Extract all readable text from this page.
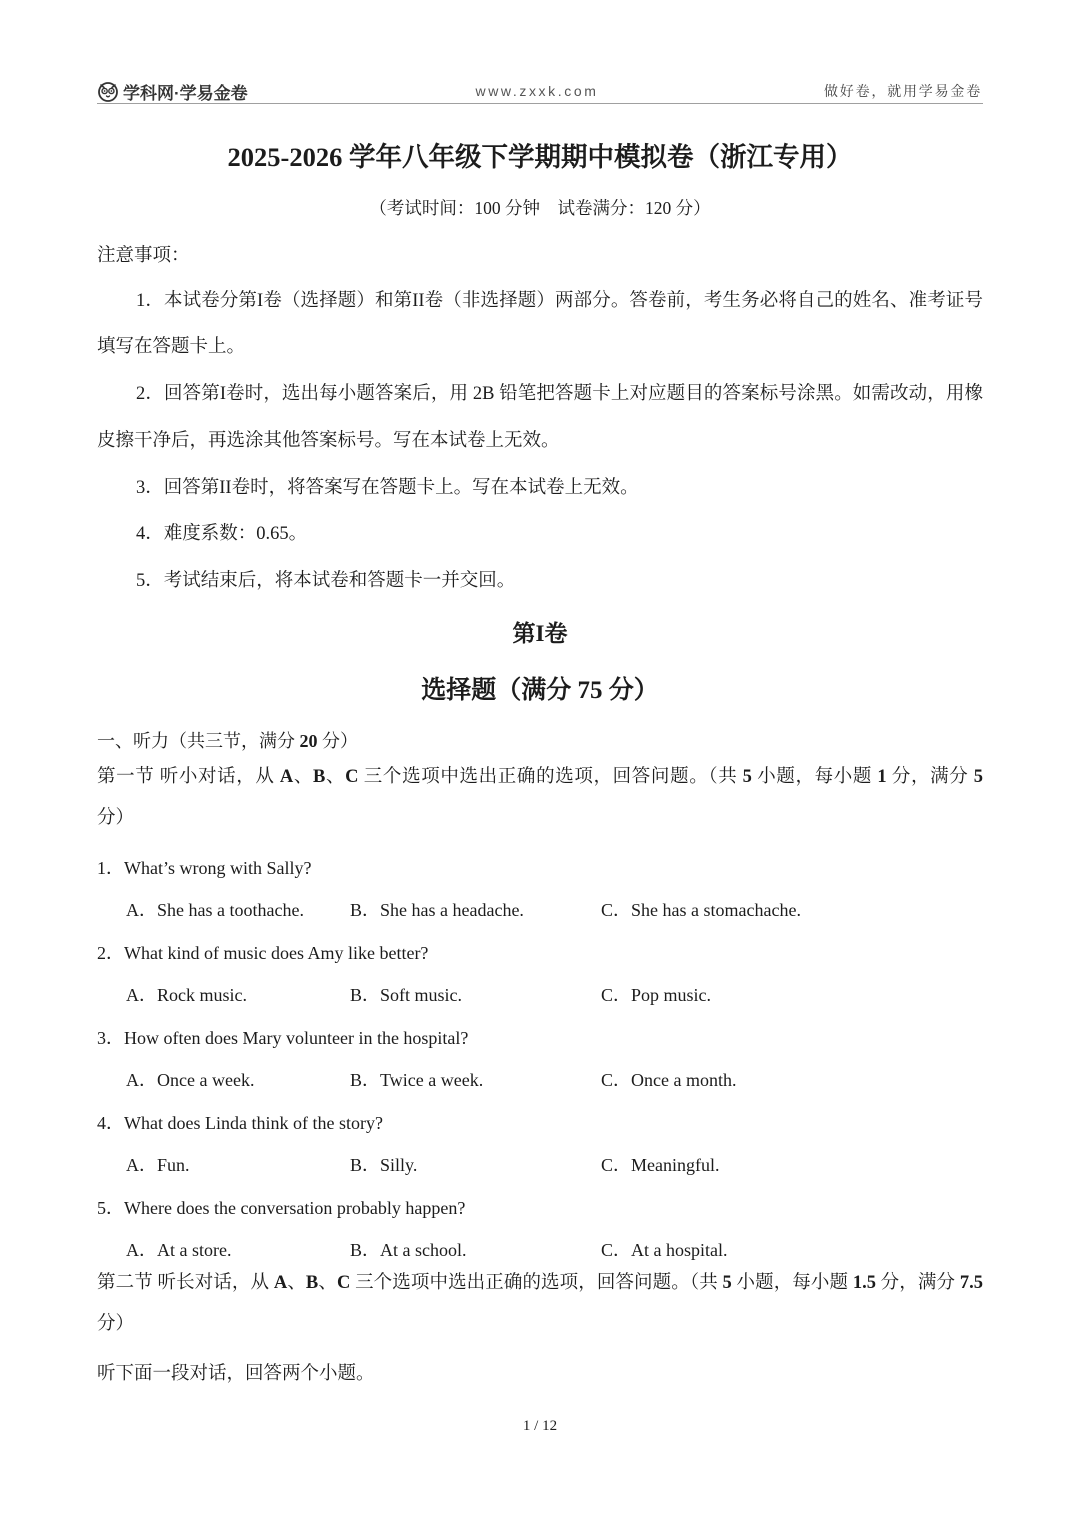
学科网·学易金卷	www.zxxk.com	做好卷，就用学易金卷
2025-2026 学年八年级下学期期中模拟卷（浙江专用）
（考试时间：100 分钟    试卷满分：120 分）
注意事项：

1．本试卷分第I卷（选择题）和第II卷（非选择题）两部分。答卷前，考生务必将自己的姓名、准考证号填写在答题卡上。

2．回答第I卷时，选出每小题答案后，用 2B 铅笔把答题卡上对应题目的答案标号涂黑。如需改动，用橡皮擦干净后，再选涂其他答案标号。写在本试卷上无效。

3．回答第II卷时，将答案写在答题卡上。写在本试卷上无效。

4．难度系数：0.65。

5．考试结束后，将本试卷和答题卡一并交回。

第I卷
选择题（满分 75 分）
一、听力（共三节，满分 20 分）
第一节 听小对话，从 A、B、C 三个选项中选出正确的选项，回答问题。（共 5 小题，每小题 1 分，满分 5 分）
1．What’s wrong with Sally?
A．She has a toothache.	B．She has a headache.	C．She has a stomachache.
2．What kind of music does Amy like better?
A．Rock music.	B．Soft music.	C．Pop music.
3．How often does Mary volunteer in the hospital?
A．Once a week.	B．Twice a week.	C．Once a month.
4．What does Linda think of the story?
A．Fun.	B．Silly.	C．Meaningful.
5．Where does the conversation probably happen?
A．At a store.	B．At a school.	C．At a hospital.
第二节 听长对话，从 A、B、C 三个选项中选出正确的选项，回答问题。（共 5 小题，每小题 1.5 分，满分 7.5 分）
听下面一段对话，回答两个小题。
1 / 12
